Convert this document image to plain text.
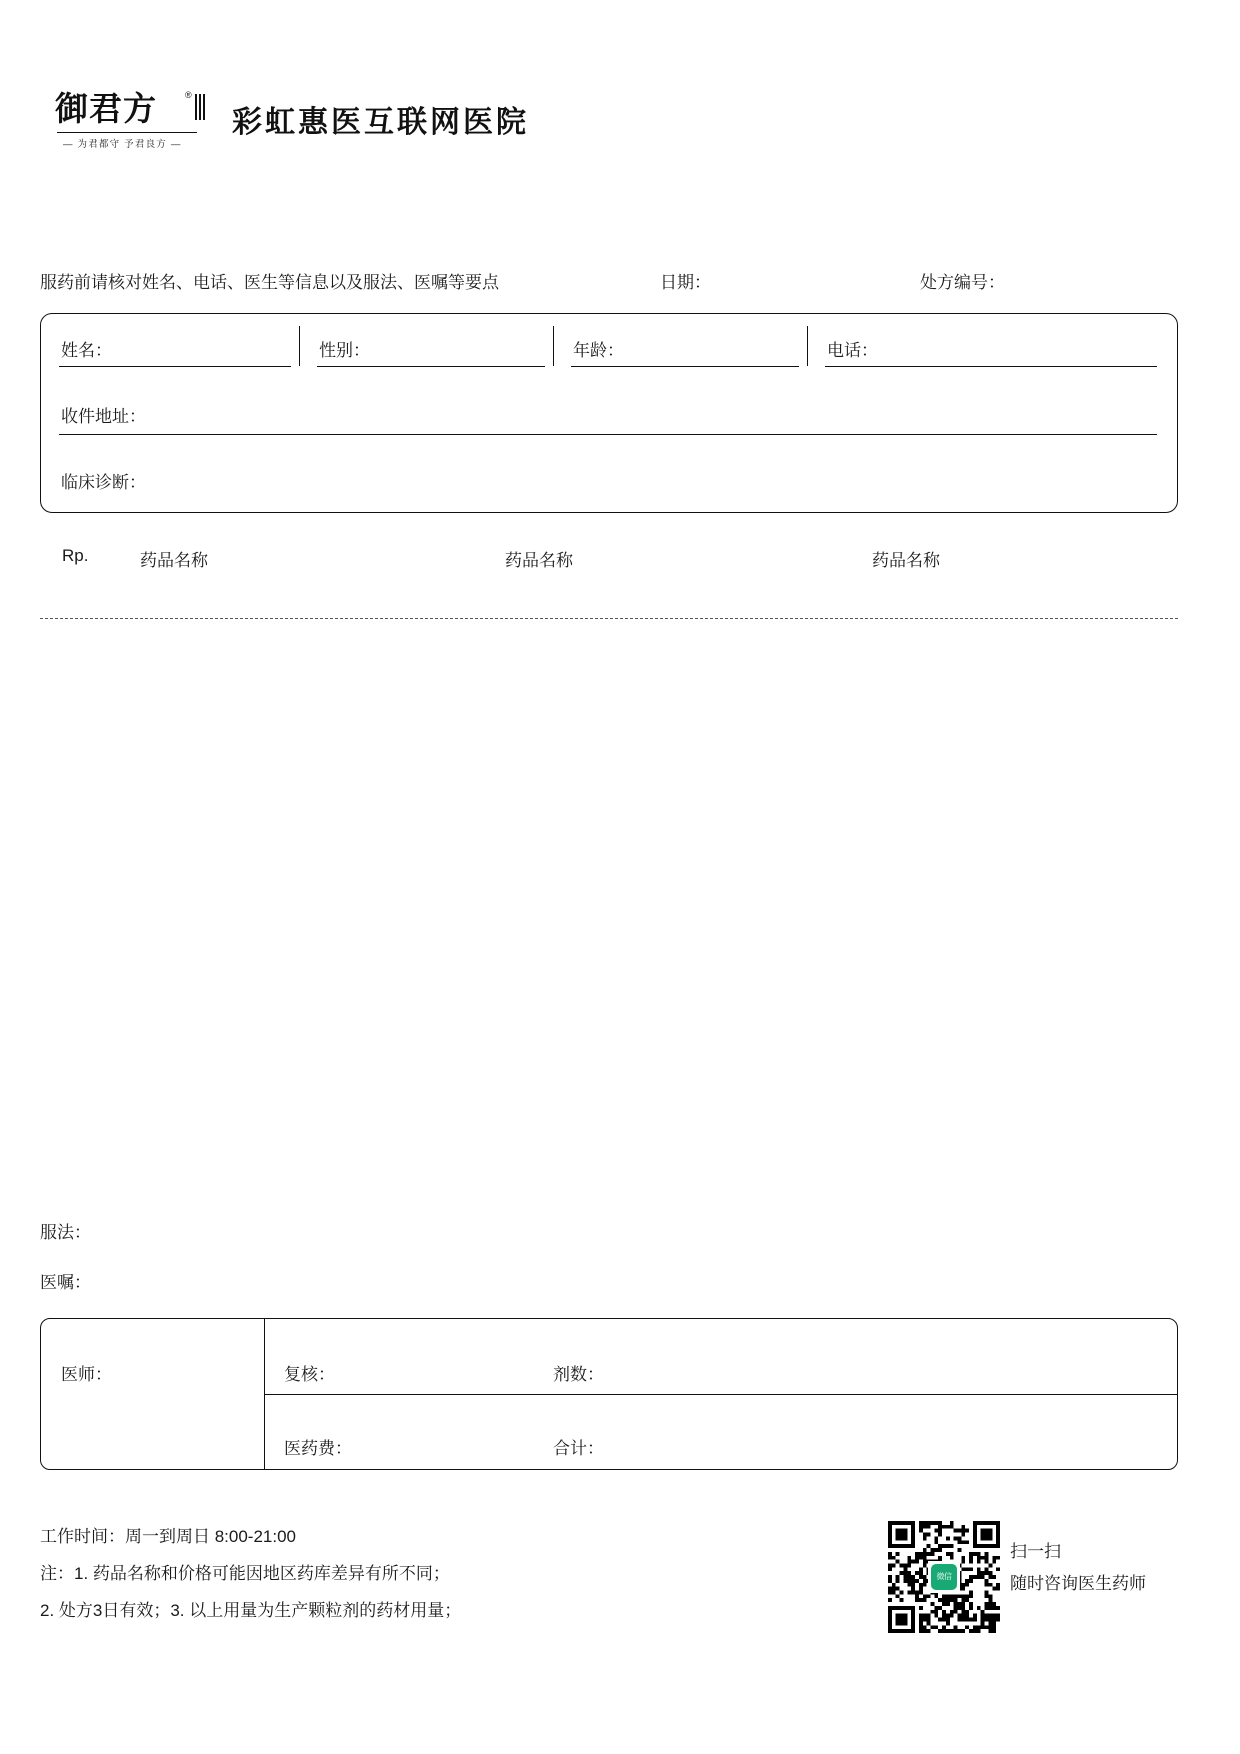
御君方	®
— 为君都守 予君良方 —
彩虹惠医互联网医院
服药前请核对姓名、电话、医生等信息以及服法、医嘱等要点	日期：	处方编号：
姓名：	性别：	年龄：	电话：
收件地址：
临床诊断：
Rp.	药品名称	药品名称	药品名称
服法：
医嘱：
医师：	复核：	剂数：
医药费：	合计：
工作时间：周一到周日 8:00-21:00
注：1. 药品名称和价格可能因地区药库差异有所不同；
2. 处方3日有效；3. 以上用量为生产颗粒剂的药材用量；
微信
扫一扫
随时咨询医生药师
